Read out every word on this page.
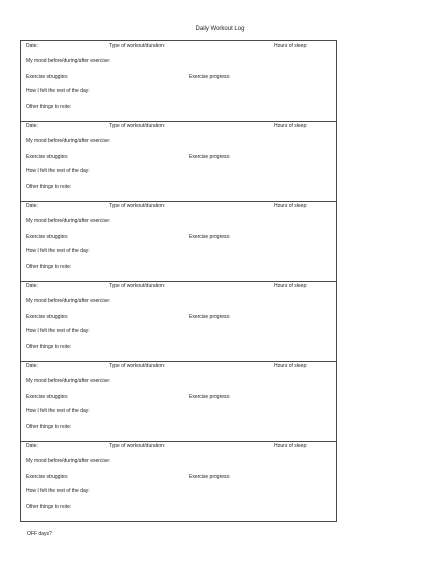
Daily Workout Log
Date:	Type of workout/duration:	Hours of sleep:
My mood before/during/after exercise:
Exercise struggles:	Exercise progress:
How I felt the rest of the day:
Other things to note:
Date:	Type of workout/duration:	Hours of sleep:
My mood before/during/after exercise:
Exercise struggles:	Exercise progress:
How I felt the rest of the day:
Other things to note:
Date:	Type of workout/duration:	Hours of sleep:
My mood before/during/after exercise:
Exercise struggles:	Exercise progress:
How I felt the rest of the day:
Other things to note:
Date:	Type of workout/duration:	Hours of sleep:
My mood before/during/after exercise:
Exercise struggles:	Exercise progress:
How I felt the rest of the day:
Other things to note:
Date:	Type of workout/duration:	Hours of sleep:
My mood before/during/after exercise:
Exercise struggles:	Exercise progress:
How I felt the rest of the day:
Other things to note:
Date:	Type of workout/duration:	Hours of sleep:
My mood before/during/after exercise:
Exercise struggles:	Exercise progress:
How I felt the rest of the day:
Other things to note:
OFF days?
